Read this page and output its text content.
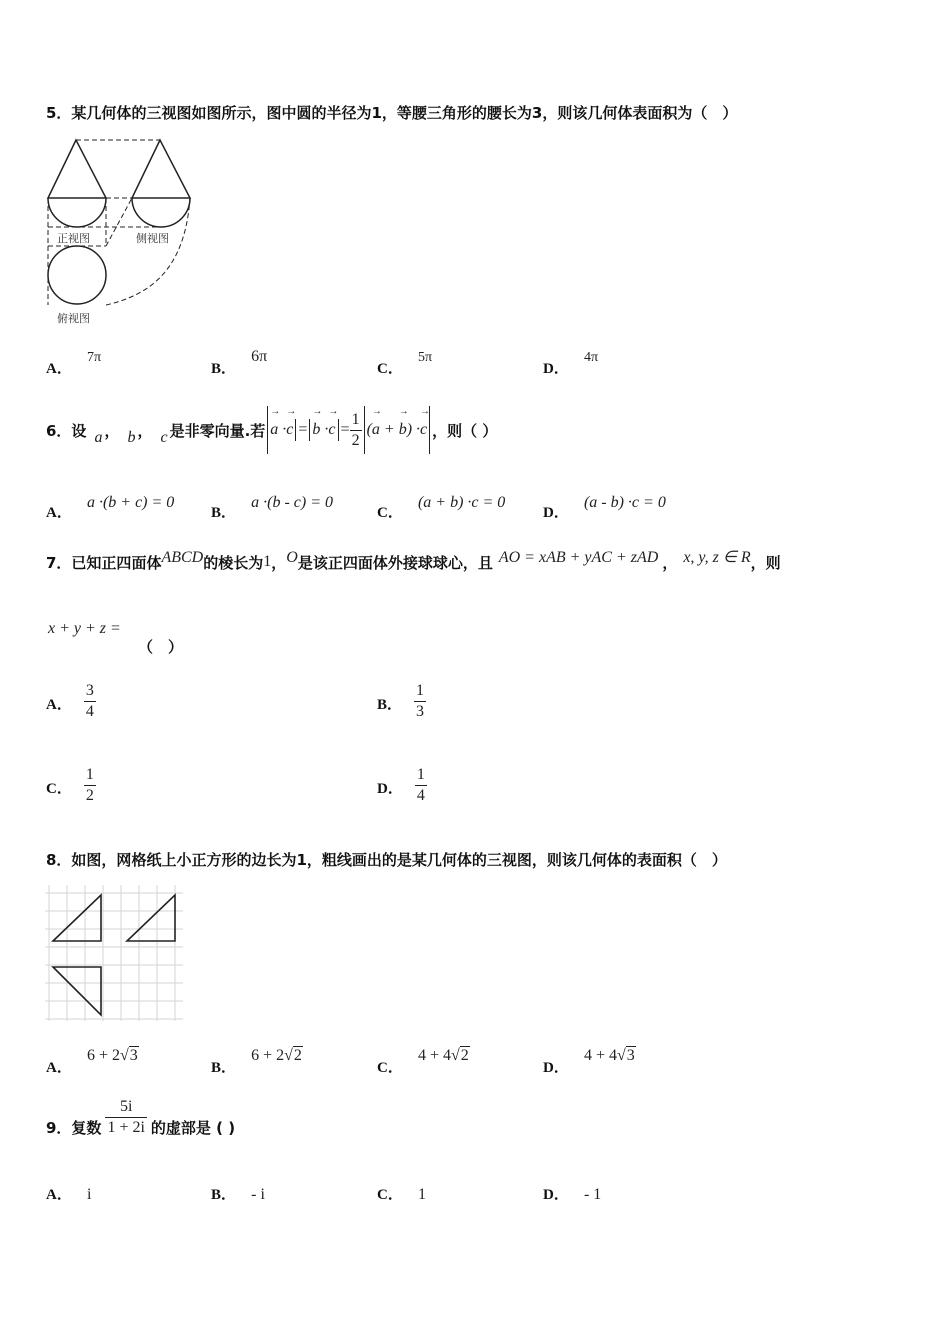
5．某几何体的三视图如图所示，图中圆的半径为1，等腰三角形的腰长为3，则该几何体表面积为（　）
正视图	侧视图
俯视图
A． 7π
B． 6π
C． 5π
D． 4π
6．设 a ， b ， c 是非零向量.若 → a ·→ c = → $b \cdot\to c = \frac{1}{2}$ (→ a + → b) ·→ c ，则（ ）
A． a ·(b + c) = 0
B． a ·(b - c) = 0
C． (a + b) ·c = 0
D． (a - b) ·c = 0
7．已知正四面体 ABCD 的棱长为 1 ， O 是该正四面体外接球球心，且 AO = xAB + yAC + zAD ， x, y, z ∈ R ，则
x + y + z =
（　）
A． $\frac{3}{4}$	B． $\frac{1}{3}$
C． $\frac{1}{2}$	D． $\frac{1}{4}$
8．如图，网格纸上小正方形的边长为1，粗线画出的是某几何体的三视图，则该几何体的表面积（　）
A． 6 + 2√3
B． 6 + 2√2
C． 4 + 4√2
D． 4 + 4√3
9．复数 $\frac{5i}{1 + 2i}$ 的虚部是 ( )
A． i	B． - i	C． 1	D． - 1
